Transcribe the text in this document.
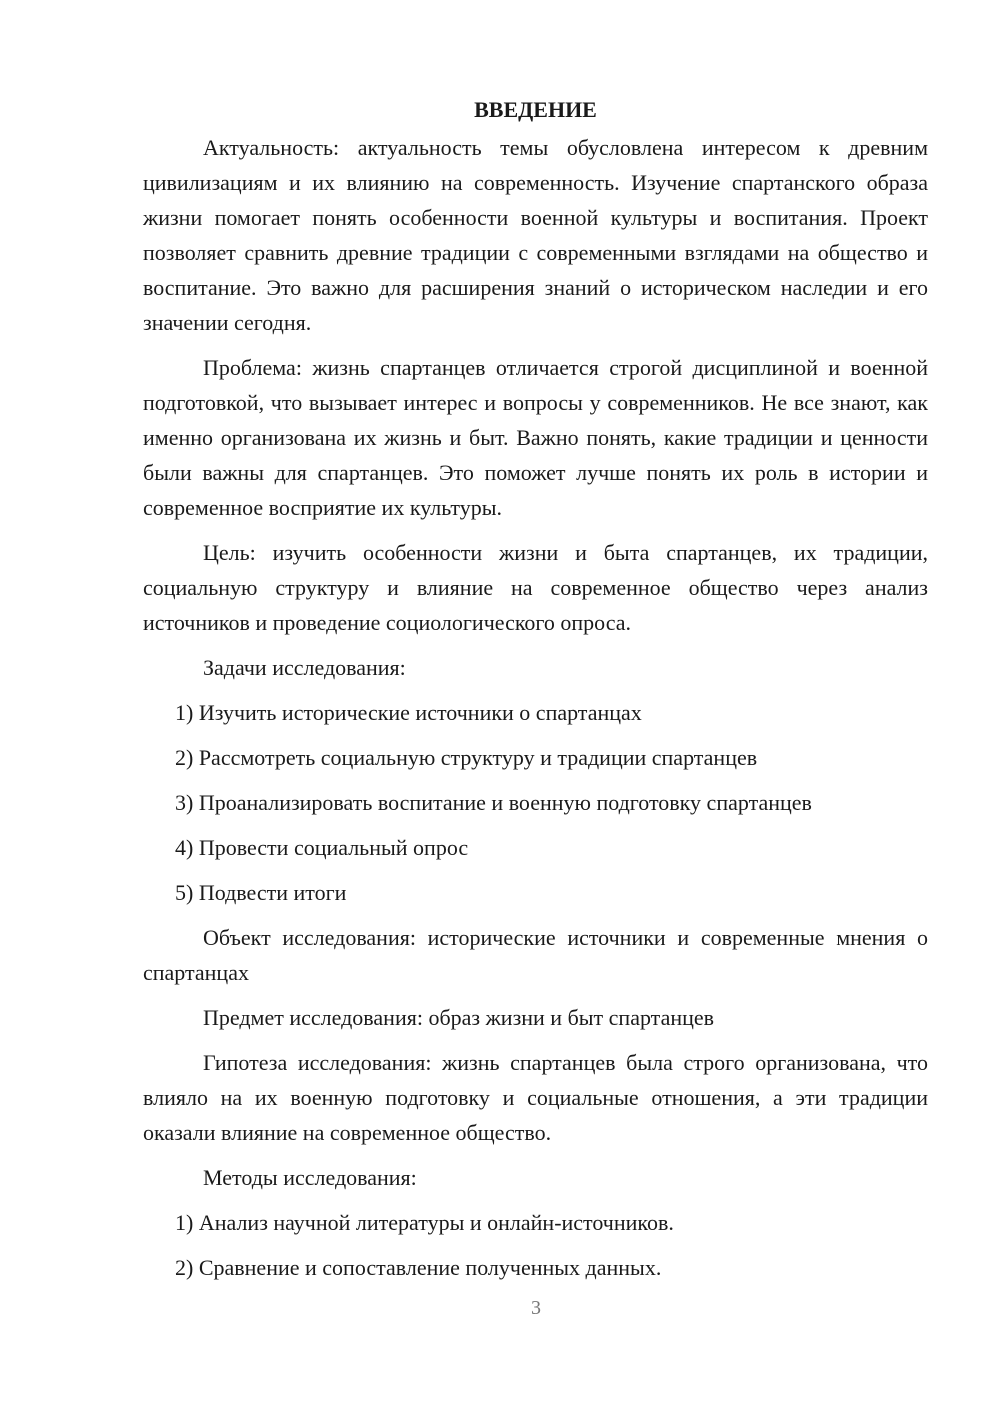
ВВЕДЕНИЕ
Актуальность: актуальность темы обусловлена интересом к древним цивилизациям и их влиянию на современность. Изучение спартанского образа жизни помогает понять особенности военной культуры и воспитания. Проект позволяет сравнить древние традиции с современными взглядами на общество и воспитание. Это важно для расширения знаний о историческом наследии и его значении сегодня.
Проблема: жизнь спартанцев отличается строгой дисциплиной и военной подготовкой, что вызывает интерес и вопросы у современников. Не все знают, как именно организована их жизнь и быт. Важно понять, какие традиции и ценности были важны для спартанцев. Это поможет лучше понять их роль в истории и современное восприятие их культуры.
Цель: изучить особенности жизни и быта спартанцев, их традиции, социальную структуру и влияние на современное общество через анализ источников и проведение социологического опроса.
Задачи исследования:
1) Изучить исторические источники о спартанцах
2) Рассмотреть социальную структуру и традиции спартанцев
3) Проанализировать воспитание и военную подготовку спартанцев
4) Провести социальный опрос
5) Подвести итоги
Объект исследования: исторические источники и современные мнения о спартанцах
Предмет исследования: образ жизни и быт спартанцев
Гипотеза исследования: жизнь спартанцев была строго организована, что влияло на их военную подготовку и социальные отношения, а эти традиции оказали влияние на современное общество.
Методы исследования:
1) Анализ научной литературы и онлайн-источников.
2) Сравнение и сопоставление полученных данных.
3
